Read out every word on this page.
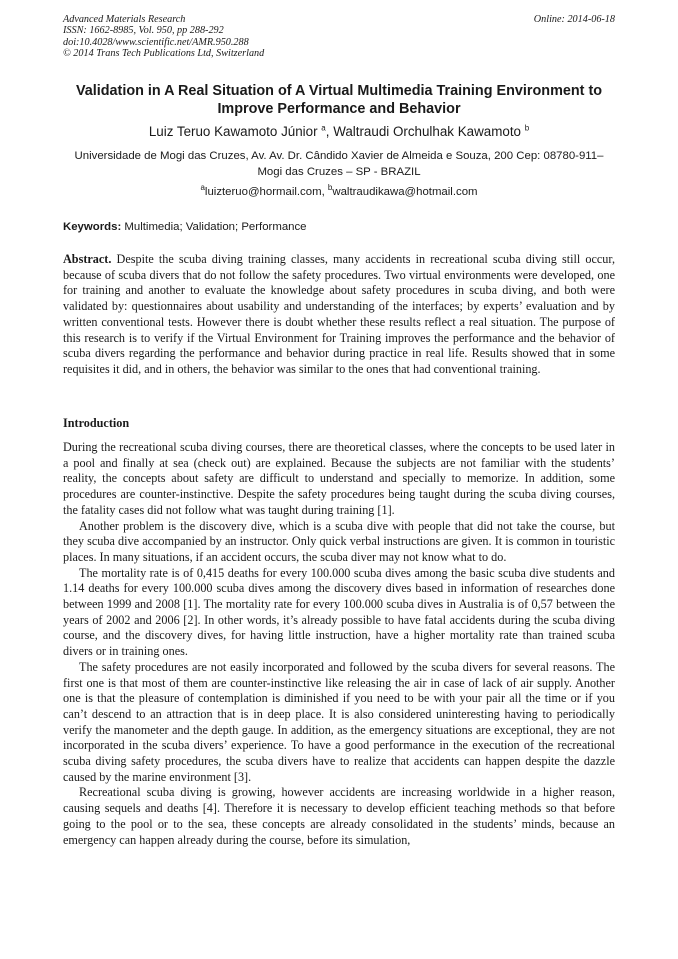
Advanced Materials Research
ISSN: 1662-8985, Vol. 950, pp 288-292
doi:10.4028/www.scientific.net/AMR.950.288
© 2014 Trans Tech Publications Ltd, Switzerland
Online: 2014-06-18
Validation in A Real Situation of A Virtual Multimedia Training Environment to Improve Performance and Behavior
Luiz Teruo Kawamoto Júnior $^a$, Waltraudi Orchulhak Kawamoto $^b$
Universidade de Mogi das Cruzes, Av. Av. Dr. Cândido Xavier de Almeida e Souza, 200 Cep: 08780-911– Mogi das Cruzes – SP - BRAZIL
$^a$luizteruo@hormail.com, $^b$waltraudikawa@hotmail.com
Keywords: Multimedia; Validation; Performance
Abstract. Despite the scuba diving training classes, many accidents in recreational scuba diving still occur, because of scuba divers that do not follow the safety procedures. Two virtual environments were developed, one for training and another to evaluate the knowledge about safety procedures in scuba diving, and both were validated by: questionnaires about usability and understanding of the interfaces; by experts’ evaluation and by written conventional tests. However there is doubt whether these results reflect a real situation. The purpose of this research is to verify if the Virtual Environment for Training improves the performance and the behavior of scuba divers regarding the performance and behavior during practice in real life. Results showed that in some requisites it did, and in others, the behavior was similar to the ones that had conventional training.
Introduction

During the recreational scuba diving courses, there are theoretical classes, where the concepts to be used later in a pool and finally at sea (check out) are explained. Because the subjects are not familiar with the students’ reality, the concepts about safety are difficult to understand and specially to memorize. In addition, some procedures are counter-instinctive. Despite the safety procedures being taught during the scuba diving courses, the fatality cases did not follow what was taught during training [1].

Another problem is the discovery dive, which is a scuba dive with people that did not take the course, but they scuba dive accompanied by an instructor. Only quick verbal instructions are given. It is common in touristic places. In many situations, if an accident occurs, the scuba diver may not know what to do.

The mortality rate is of 0,415 deaths for every 100.000 scuba dives among the basic scuba dive students and 1.14 deaths for every 100.000 scuba dives among the discovery dives based in information of researches done between 1999 and 2008 [1]. The mortality rate for every 100.000 scuba dives in Australia is of 0,57 between the years of 2002 and 2006 [2]. In other words, it’s already possible to have fatal accidents during the scuba diving course, and the discovery dives, for having little instruction, have a higher mortality rate than trained scuba divers or in training ones.

The safety procedures are not easily incorporated and followed by the scuba divers for several reasons. The first one is that most of them are counter-instinctive like releasing the air in case of lack of air supply. Another one is that the pleasure of contemplation is diminished if you need to be with your pair all the time or if you can’t descend to an attraction that is in deep place. It is also considered uninteresting having to periodically verify the manometer and the depth gauge. In addition, as the emergency situations are exceptional, they are not incorporated in the scuba divers’ experience. To have a good performance in the execution of the recreational scuba diving safety procedures, the scuba divers have to realize that accidents can happen despite the dazzle caused by the marine environment [3].

Recreational scuba diving is growing, however accidents are increasing worldwide in a higher reason, causing sequels and deaths [4]. Therefore it is necessary to develop efficient teaching methods so that before going to the pool or to the sea, these concepts are already consolidated in the students’ minds, because an emergency can happen already during the course, before its simulation,
